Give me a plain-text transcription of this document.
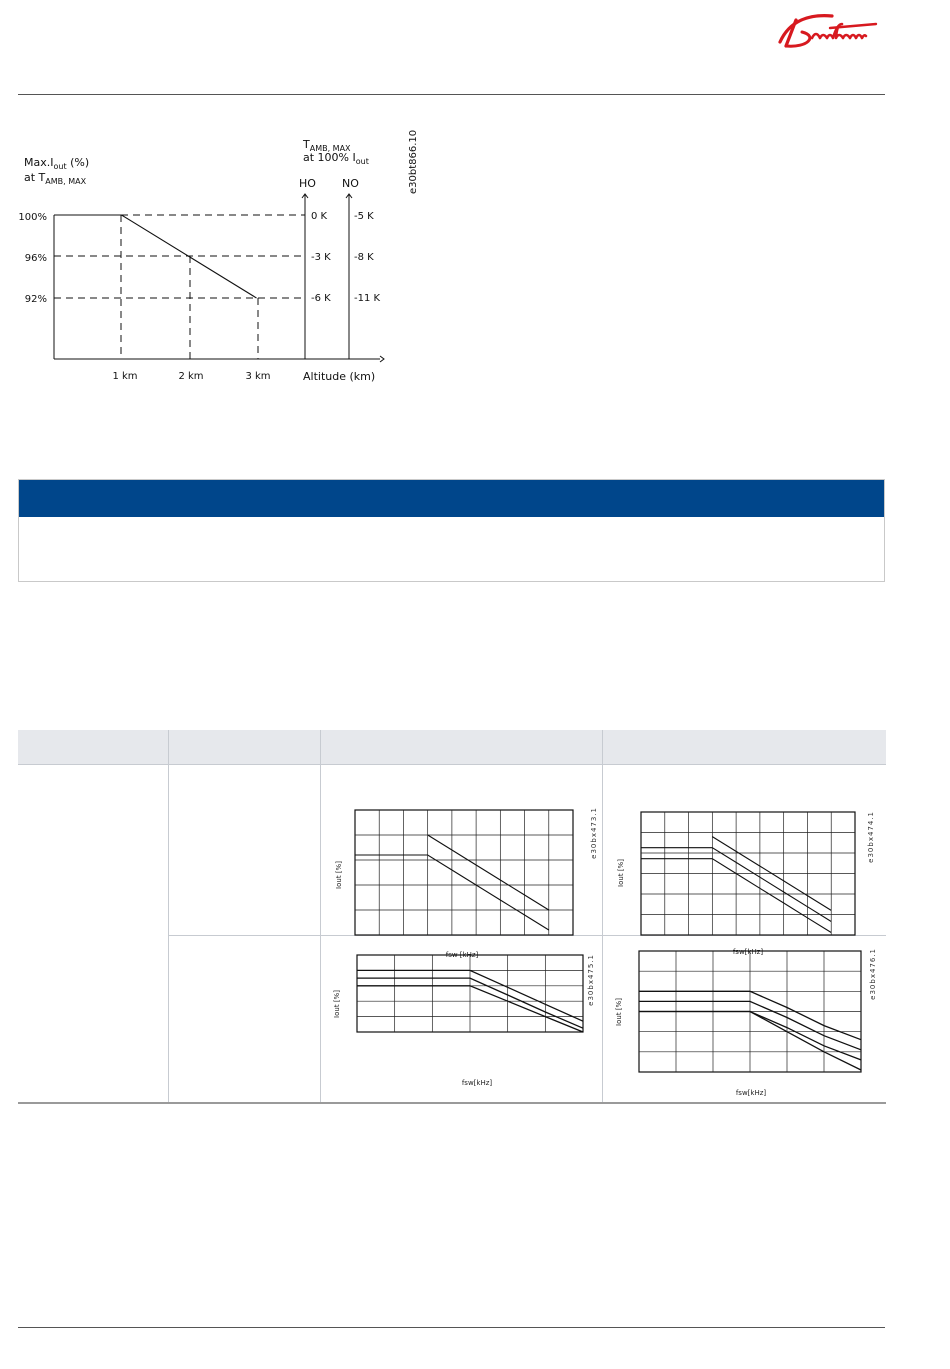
$Max.I_{out}$ (%)
at $T_{AMB, MAX}$
$T_{AMB, MAX}$
at 100% $I_{out}$
HO NO	e30bt866.10
Altitude (km)
100%
96%
92%
1 km	2 km	3 km
0 K
-3 K
-6 K
-5 K
-8 K
-11 K

fsw [kHz]
Iout [%]
e30bx473.1	fsw[kHz]
Iout [%]
e30bx474.1

fsw[kHz]
Iout [%] e30bx475.1	fsw[kHz]
Iout [%]
e30bx476.1
